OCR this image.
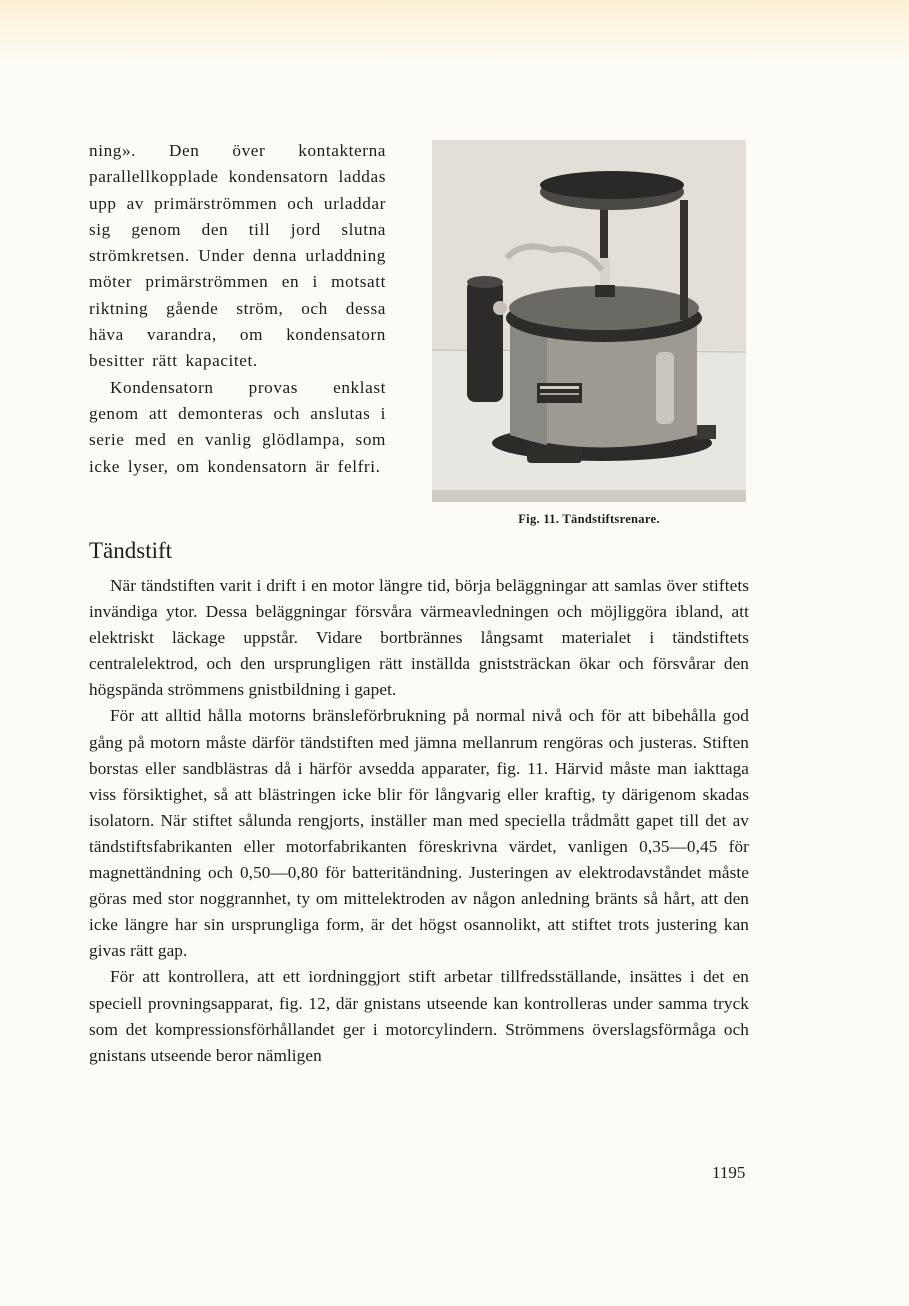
ning». Den över kontakterna parallellkopplade kondensatorn laddas upp av primärströmmen och urladdar sig genom den till jord slutna strömkretsen. Under denna urladdning möter primärströmmen en i motsatt riktning gående ström, och dessa häva varandra, om kondensatorn besitter rätt kapacitet.

Kondensatorn provas enklast genom att demonteras och anslutas i serie med en vanlig glödlampa, som icke lyser, om kondensatorn är felfri.

Fig. 11. Tändstiftsrenare.
Tändstift

När tändstiften varit i drift i en motor längre tid, börja beläggningar att samlas över stiftets invändiga ytor. Dessa beläggningar försvåra värmeavledningen och möjliggöra ibland, att elektriskt läckage uppstår. Vidare bortbrännes långsamt materialet i tändstiftets centralelektrod, och den ursprungligen rätt inställda gniststräckan ökar och försvårar den högspända strömmens gnistbildning i gapet.

För att alltid hålla motorns bränsleförbrukning på normal nivå och för att bibehålla god gång på motorn måste därför tändstiften med jämna mellanrum rengöras och justeras. Stiften borstas eller sandblästras då i härför avsedda apparater, fig. 11. Härvid måste man iakttaga viss försiktighet, så att blästringen icke blir för långvarig eller kraftig, ty därigenom skadas isolatorn. När stiftet sålunda rengjorts, inställer man med speciella trådmått gapet till det av tändstiftsfabrikanten eller motorfabrikanten föreskrivna värdet, vanligen 0,35—0,45 för magnettändning och 0,50—0,80 för batteritändning. Justeringen av elektrodavståndet måste göras med stor noggrannhet, ty om mittelektroden av någon anledning bränts så hårt, att den icke längre har sin ursprungliga form, är det högst osannolikt, att stiftet trots justering kan givas rätt gap.

För att kontrollera, att ett iordninggjort stift arbetar tillfredsställande, insättes i det en speciell provningsapparat, fig. 12, där gnistans utseende kan kontrolleras under samma tryck som det kompressionsförhållandet ger i motorcylindern. Strömmens överslagsförmåga och gnistans utseende beror nämligen

1195
